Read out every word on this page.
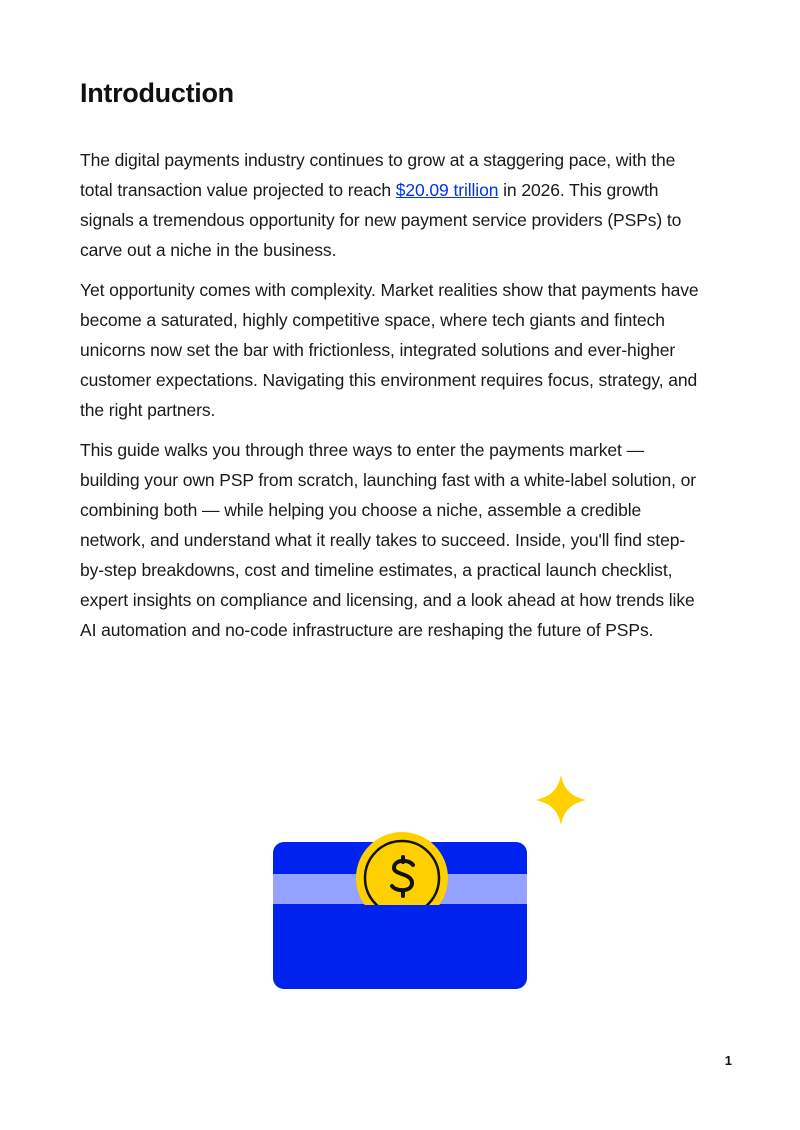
Introduction

The digital payments industry continues to grow at a staggering pace, with the total transaction value projected to reach $20.09 trillion in 2026. This growth signals a tremendous opportunity for new payment service providers (PSPs) to carve out a niche in the business.

Yet opportunity comes with complexity. Market realities show that payments have become a saturated, highly competitive space, where tech giants and fintech unicorns now set the bar with frictionless, integrated solutions and ever-higher customer expectations. Navigating this environment requires focus, strategy, and the right partners.

This guide walks you through three ways to enter the payments market — building your own PSP from scratch, launching fast with a white-label solution, or combining both — while helping you choose a niche, assemble a credible network, and understand what it really takes to succeed. Inside, you'll find step-by-step breakdowns, cost and timeline estimates, a practical launch checklist, expert insights on compliance and licensing, and a look ahead at how trends like AI automation and no-code infrastructure are reshaping the future of PSPs.

1
